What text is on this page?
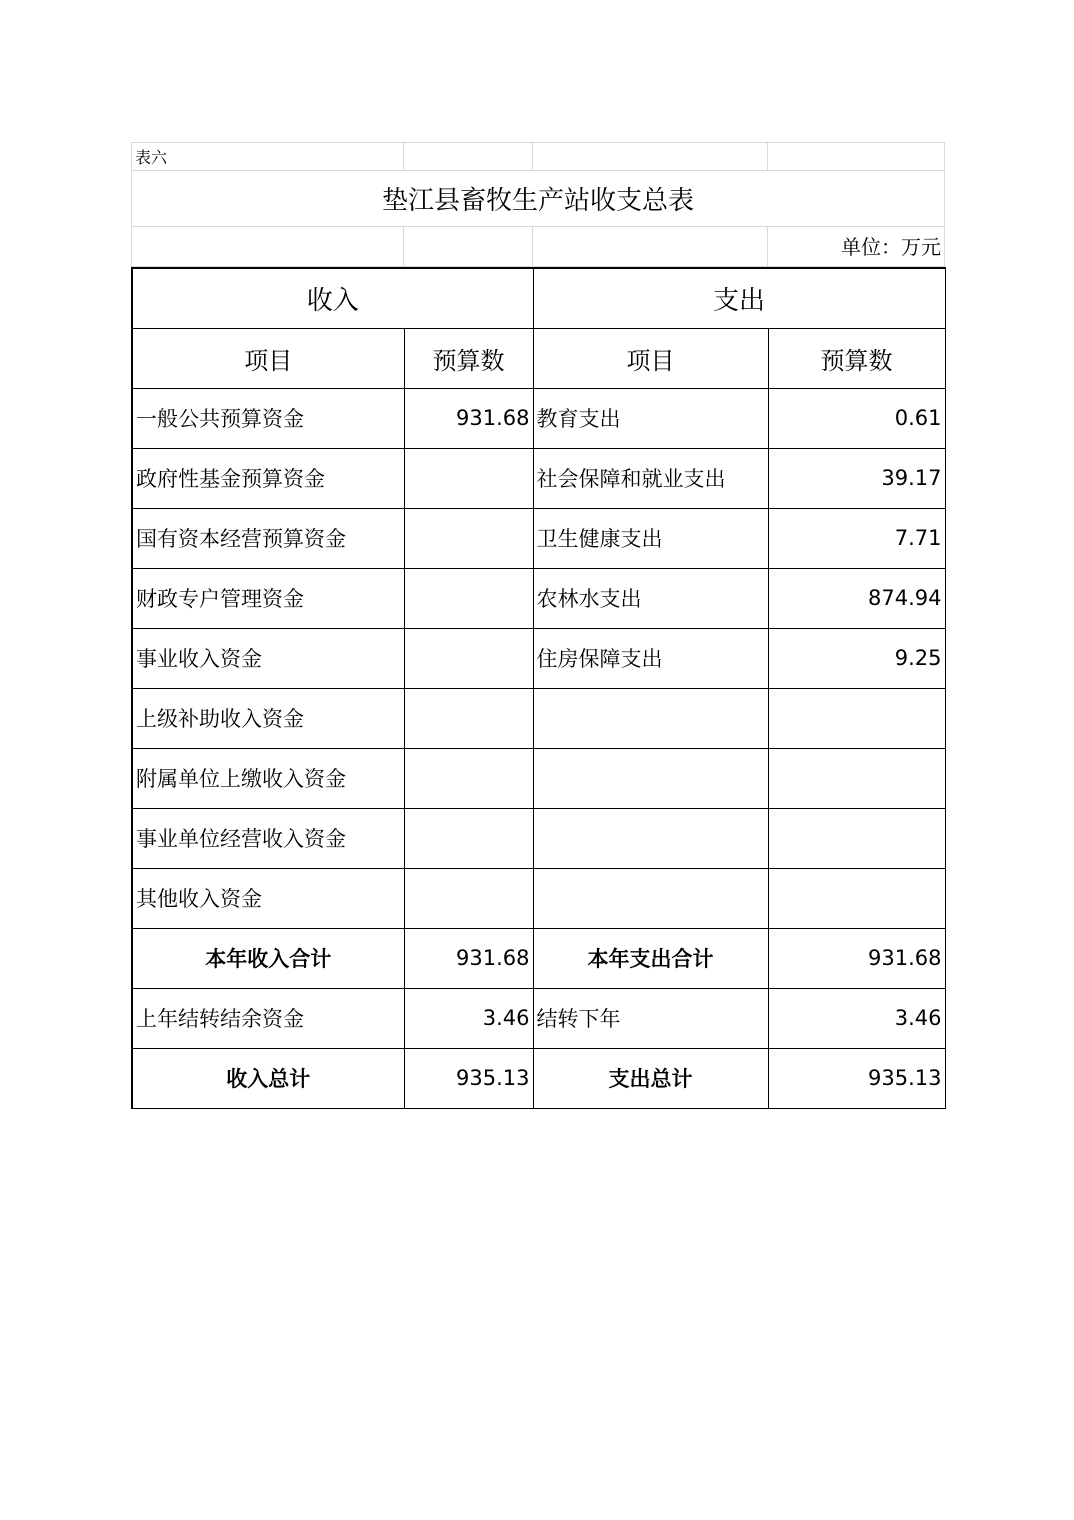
表六			
垫江县畜牧生产站收支总表			
			单位：万元
收入		支出	
项目	预算数	项目	预算数
一般公共预算资金	931.68	教育支出	0.61
政府性基金预算资金		社会保障和就业支出	39.17
国有资本经营预算资金		卫生健康支出	7.71
财政专户管理资金		农林水支出	874.94
事业收入资金		住房保障支出	9.25
上级补助收入资金			
附属单位上缴收入资金			
事业单位经营收入资金			
其他收入资金			
本年收入合计	931.68	本年支出合计	931.68
上年结转结余资金	3.46	结转下年	3.46
收入总计	935.13	支出总计	935.13
